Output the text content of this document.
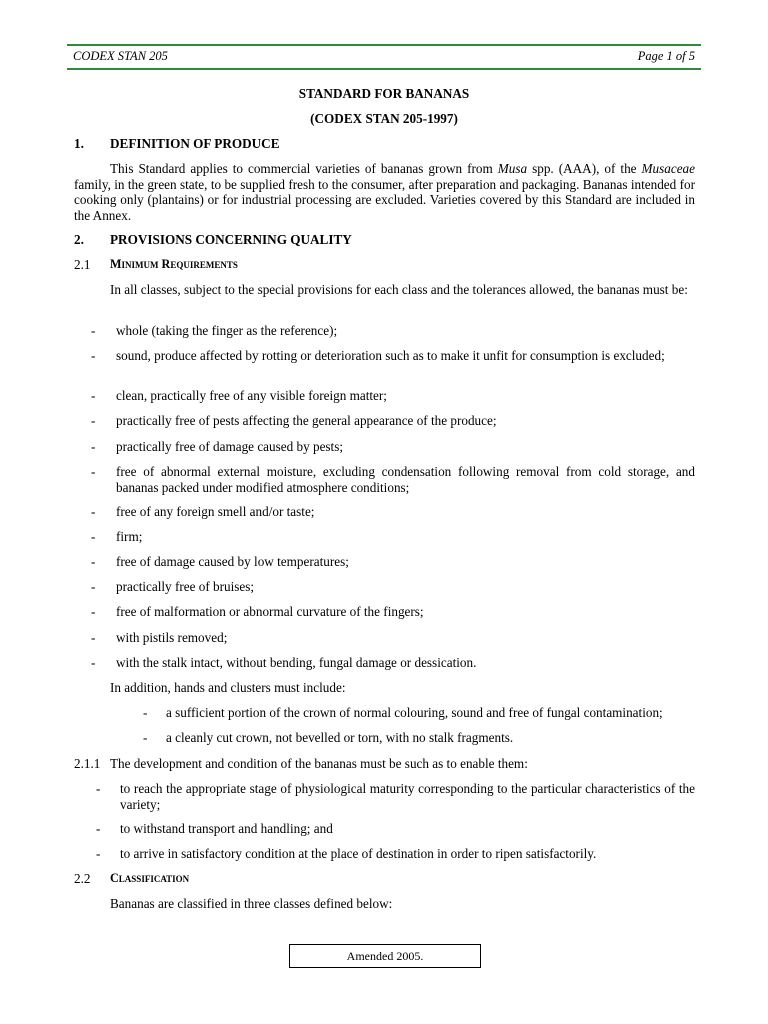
CODEX STAN 205	Page 1 of 5
STANDARD FOR BANANAS
(CODEX STAN 205-1997)
1. DEFINITION OF PRODUCE
This Standard applies to commercial varieties of bananas grown from Musa spp. (AAA), of the Musaceae family, in the green state, to be supplied fresh to the consumer, after preparation and packaging. Bananas intended for cooking only (plantains) or for industrial processing are excluded. Varieties covered by this Standard are included in the Annex.
2. PROVISIONS CONCERNING QUALITY
2.1 Minimum Requirements
In all classes, subject to the special provisions for each class and the tolerances allowed, the bananas must be:
- whole (taking the finger as the reference);
- sound, produce affected by rotting or deterioration such as to make it unfit for consumption is excluded;
- clean, practically free of any visible foreign matter;
- practically free of pests affecting the general appearance of the produce;
- practically free of damage caused by pests;
- free of abnormal external moisture, excluding condensation following removal from cold storage, and bananas packed under modified atmosphere conditions;
- free of any foreign smell and/or taste;
- firm;
- free of damage caused by low temperatures;
- practically free of bruises;
- free of malformation or abnormal curvature of the fingers;
- with pistils removed;
- with the stalk intact, without bending, fungal damage or dessication.
In addition, hands and clusters must include:
- a sufficient portion of the crown of normal colouring, sound and free of fungal contamination;
- a cleanly cut crown, not bevelled or torn, with no stalk fragments.
2.1.1 The development and condition of the bananas must be such as to enable them:
- to reach the appropriate stage of physiological maturity corresponding to the particular characteristics of the variety;
- to withstand transport and handling; and
- to arrive in satisfactory condition at the place of destination in order to ripen satisfactorily.
2.2 Classification
Bananas are classified in three classes defined below:
Amended 2005.
